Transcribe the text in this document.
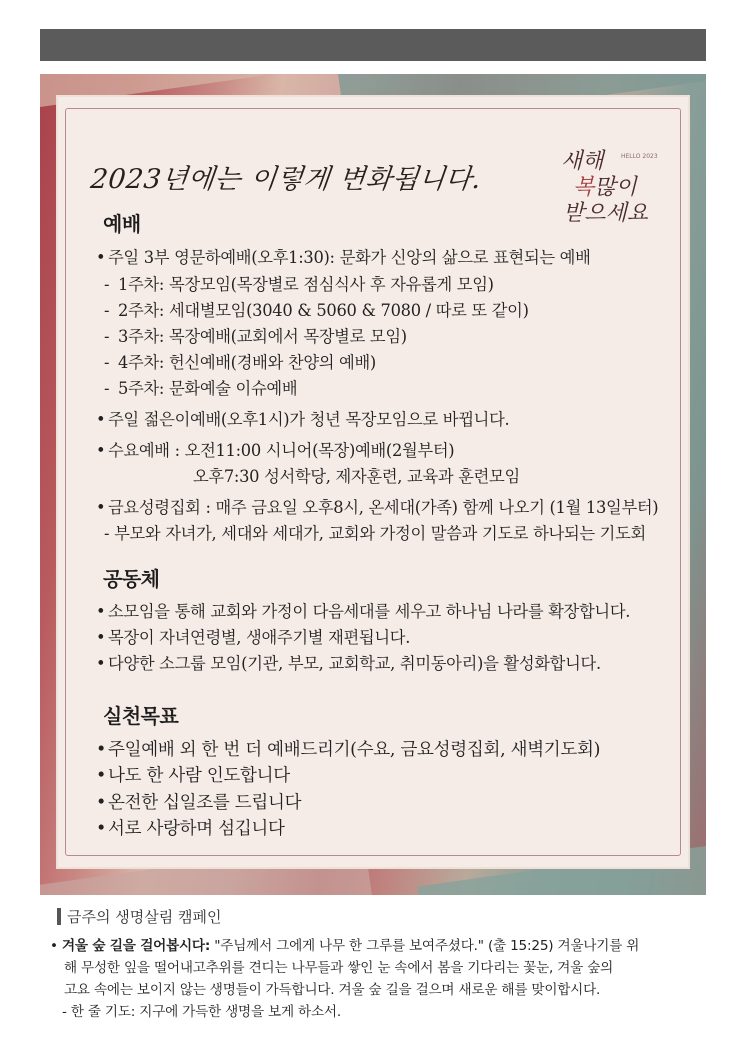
2023년에는 이렇게 변화됩니다.
새해	HELLO 2023
복많이
받으세요
예배
• 주일 3부 영문하예배(오후1:30): 문화가 신앙의 삶으로 표현되는 예배
- 1주차: 목장모임(목장별로 점심식사 후 자유롭게 모임)
- 2주차: 세대별모임(3040 & 5060 & 7080 / 따로 또 같이)
- 3주차: 목장예배(교회에서 목장별로 모임)
- 4주차: 헌신예배(경배와 찬양의 예배)
- 5주차: 문화예술 이슈예배
• 주일 젊은이예배(오후1시)가 청년 목장모임으로 바뀝니다.
• 수요예배 : 오전11:00 시니어(목장)예배(2월부터)
오후7:30 성서학당, 제자훈련, 교육과 훈련모임
• 금요성령집회 : 매주 금요일 오후8시, 온세대(가족) 함께 나오기 (1월 13일부터)
- 부모와 자녀가, 세대와 세대가, 교회와 가정이 말씀과 기도로 하나되는 기도회
공동체
• 소모임을 통해 교회와 가정이 다음세대를 세우고 하나님 나라를 확장합니다.
• 목장이 자녀연령별, 생애주기별 재편됩니다.
• 다양한 소그룹 모임(기관, 부모, 교회학교, 취미동아리)을 활성화합니다.
실천목표
• 주일예배 외 한 번 더 예배드리기(수요, 금요성령집회, 새벽기도회)
• 나도 한 사람 인도합니다
• 온전한 십일조를 드립니다
• 서로 사랑하며 섬깁니다
금주의 생명살림 캠페인
• 겨울 숲 길을 걸어봅시다: "주님께서 그에게 나무 한 그루를 보여주셨다." (출 15:25) 겨울나기를 위
해 무성한 잎을 떨어내고추위를 견디는 나무들과 쌓인 눈 속에서 봄을 기다리는 꽃눈, 겨울 숲의
고요 속에는 보이지 않는 생명들이 가득합니다. 겨울 숲 길을 걸으며 새로운 해를 맞이합시다.
- 한 줄 기도: 지구에 가득한 생명을 보게 하소서.
